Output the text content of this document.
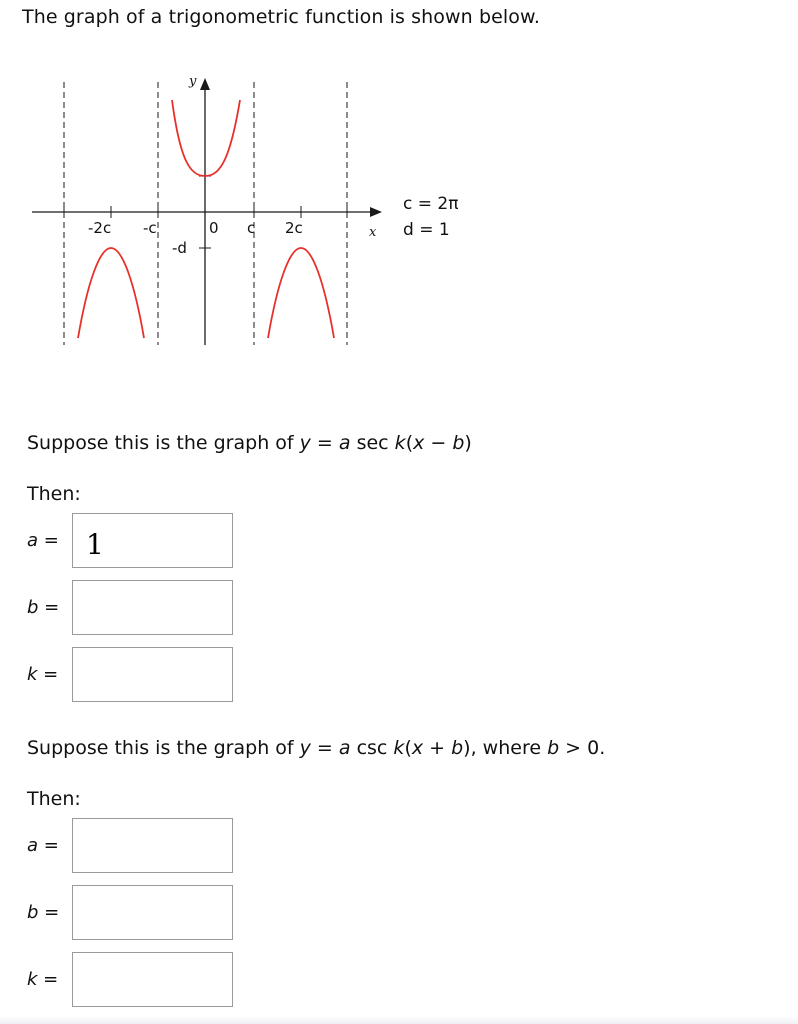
The graph of a trigonometric function is shown below.
y
x
-2c -c	0 c 2c
-d
c = 2π
d = 1
Suppose this is the graph of y = a sec k(x − b)
Then:
a =
1
b =
k =
Suppose this is the graph of y = a csc k(x + b), where b > 0.
Then:
a =
b =
k =
